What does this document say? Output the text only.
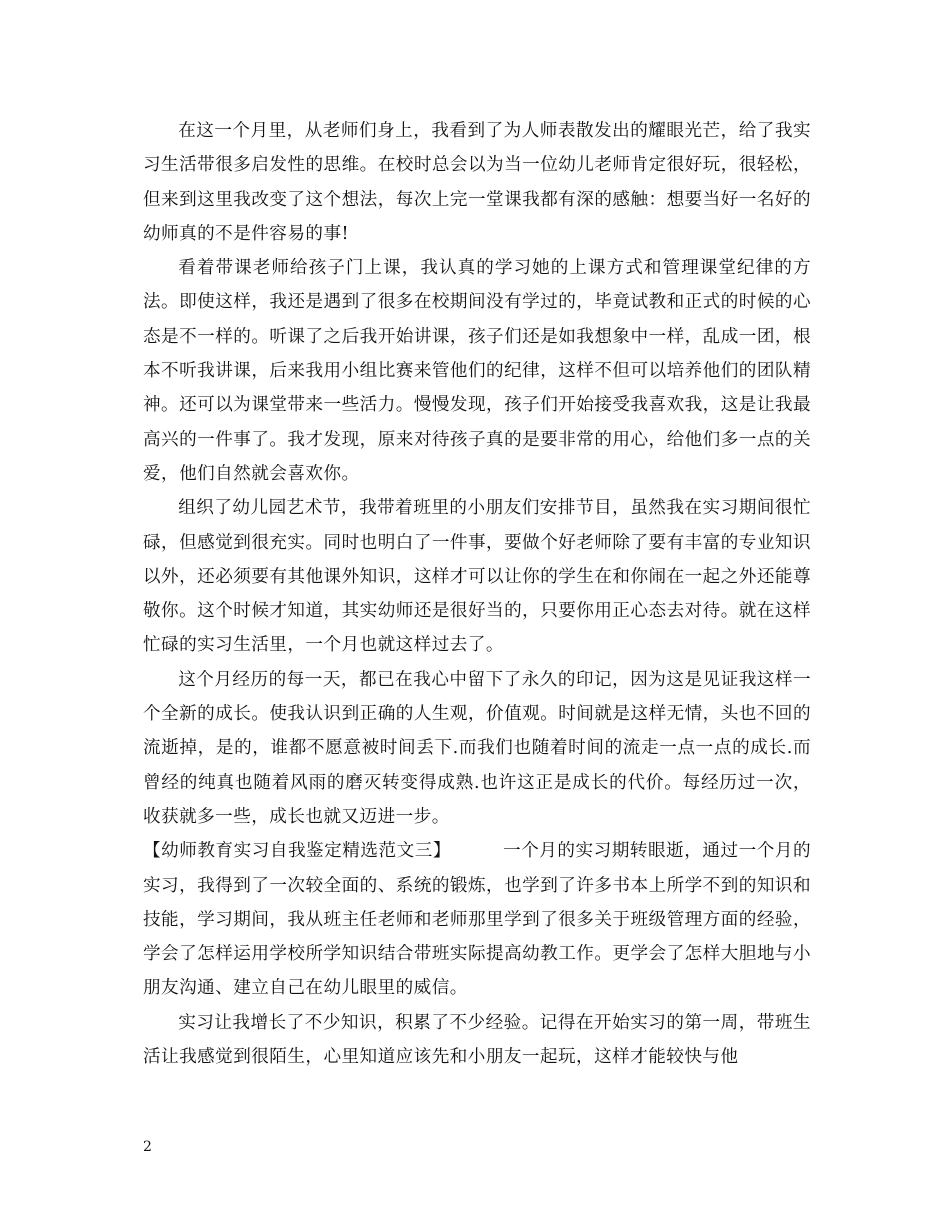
在这一个月里，从老师们身上，我看到了为人师表散发出的耀眼光芒，给了我实习生活带很多启发性的思维。在校时总会以为当一位幼儿老师肯定很好玩，很轻松，但来到这里我改变了这个想法，每次上完一堂课我都有深的感触：想要当好一名好的幼师真的不是件容易的事!

看着带课老师给孩子门上课，我认真的学习她的上课方式和管理课堂纪律的方法。即使这样，我还是遇到了很多在校期间没有学过的，毕竟试教和正式的时候的心态是不一样的。听课了之后我开始讲课，孩子们还是如我想象中一样，乱成一团，根本不听我讲课，后来我用小组比赛来管他们的纪律，这样不但可以培养他们的团队精神。还可以为课堂带来一些活力。慢慢发现，孩子们开始接受我喜欢我，这是让我最高兴的一件事了。我才发现，原来对待孩子真的是要非常的用心，给他们多一点的关爱，他们自然就会喜欢你。

组织了幼儿园艺术节，我带着班里的小朋友们安排节目，虽然我在实习期间很忙碌，但感觉到很充实。同时也明白了一件事，要做个好老师除了要有丰富的专业知识以外，还必须要有其他课外知识，这样才可以让你的学生在和你闹在一起之外还能尊敬你。这个时候才知道，其实幼师还是很好当的，只要你用正心态去对待。就在这样忙碌的实习生活里，一个月也就这样过去了。

这个月经历的每一天，都已在我心中留下了永久的印记，因为这是见证我这样一个全新的成长。使我认识到正确的人生观，价值观。时间就是这样无情，头也不回的流逝掉，是的，谁都不愿意被时间丢下.而我们也随着时间的流走一点一点的成长.而曾经的纯真也随着风雨的磨灭转变得成熟.也许这正是成长的代价。每经历过一次，收获就多一些，成长也就又迈进一步。

【幼师教育实习自我鉴定精选范文三】	一个月的实习期转眼逝，通过一个月的实习，我得到了一次较全面的、系统的锻炼，也学到了许多书本上所学不到的知识和技能，学习期间，我从班主任老师和老师那里学到了很多关于班级管理方面的经验，学会了怎样运用学校所学知识结合带班实际提高幼教工作。更学会了怎样大胆地与小朋友沟通、建立自己在幼儿眼里的威信。

实习让我增长了不少知识，积累了不少经验。记得在开始实习的第一周，带班生活让我感觉到很陌生，心里知道应该先和小朋友一起玩，这样才能较快与他

2
